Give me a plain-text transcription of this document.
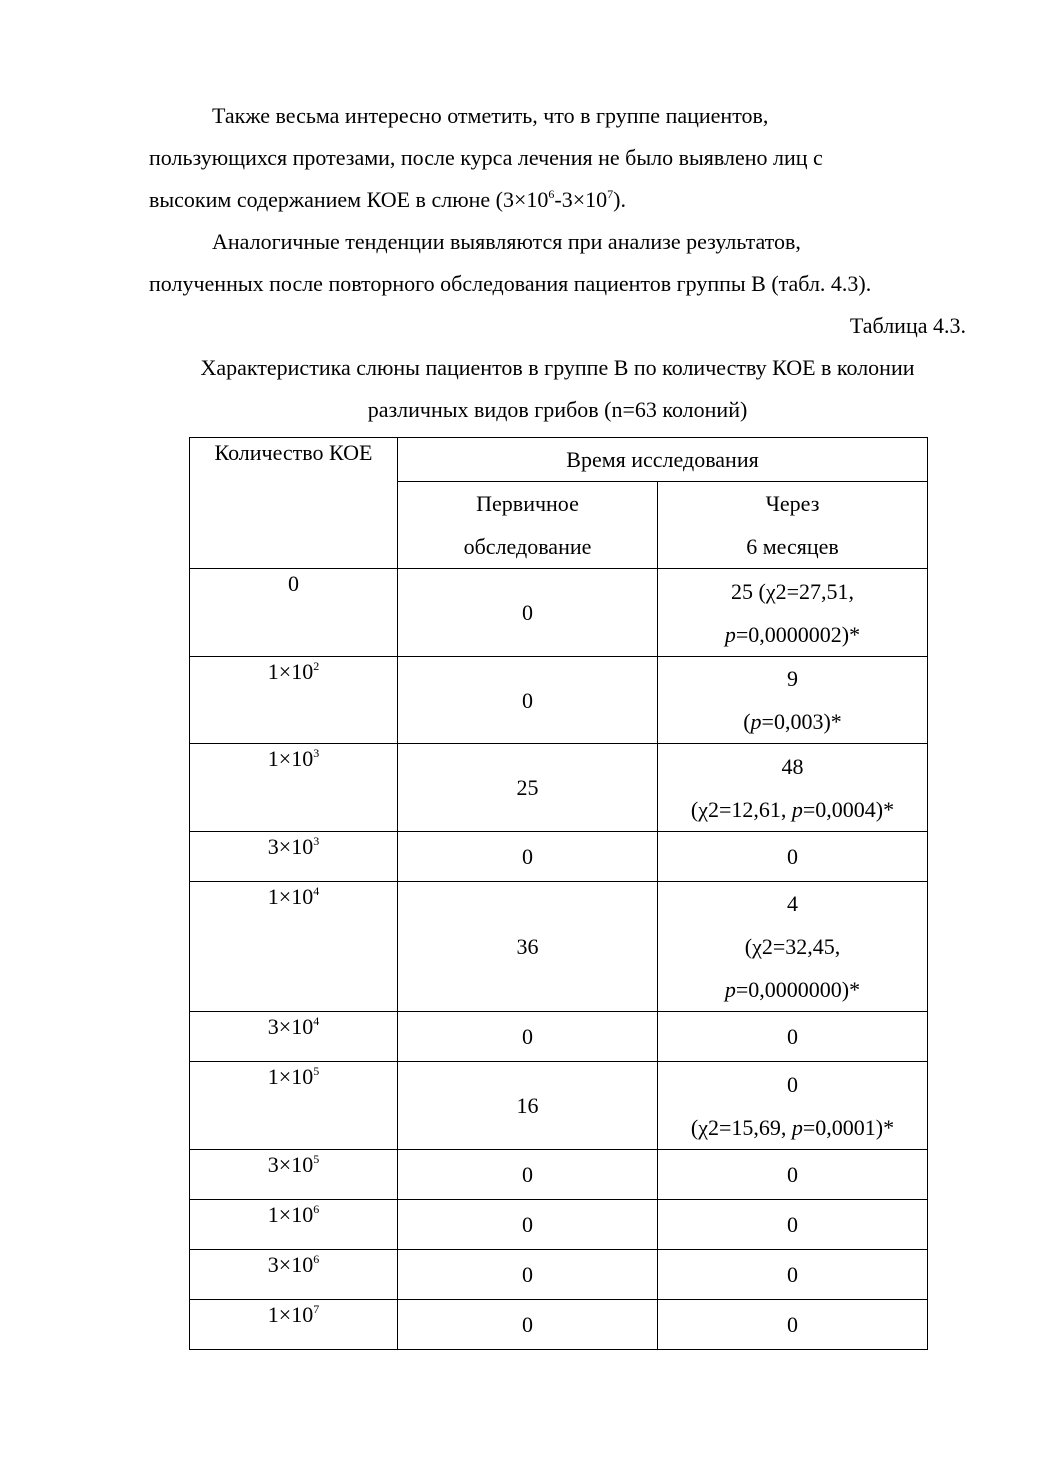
Также весьма интересно отметить, что в группе пациентов,
пользующихся протезами, после курса лечения не было выявлено лиц с
высоким содержанием КОЕ в слюне $(3\times 10^6-3\times 10^7)$.
Аналогичные тенденции выявляются при анализе результатов,
полученных после повторного обследования пациентов группы В (табл. 4.3).
Таблица 4.3.
Характеристика слюны пациентов в группе В по количеству КОЕ в колонии
различных видов грибов (n=63 колоний)
Количество КОЕ	Время исследования	

	Первичное
обследование	Через
6 месяцев

0	0	25 (χ2=27,51,
p=0,0000002)*

$1\times 10^2$	0	9
(p=0,003)*

$1\times 10^3$	25	48
(χ2=12,61, p=0,0004)*

$3\times 10^3$	0	0

$1\times 10^4$	36	4
(χ2=32,45,
p=0,0000000)*

$3\times 10^4$	0	0

$1\times 10^5$	16	0
(χ2=15,69, p=0,0001)*

$3\times 10^5$	0	0

$1\times 10^6$	0	0

$3\times 10^6$	0	0

$1\times 10^7$	0	0
